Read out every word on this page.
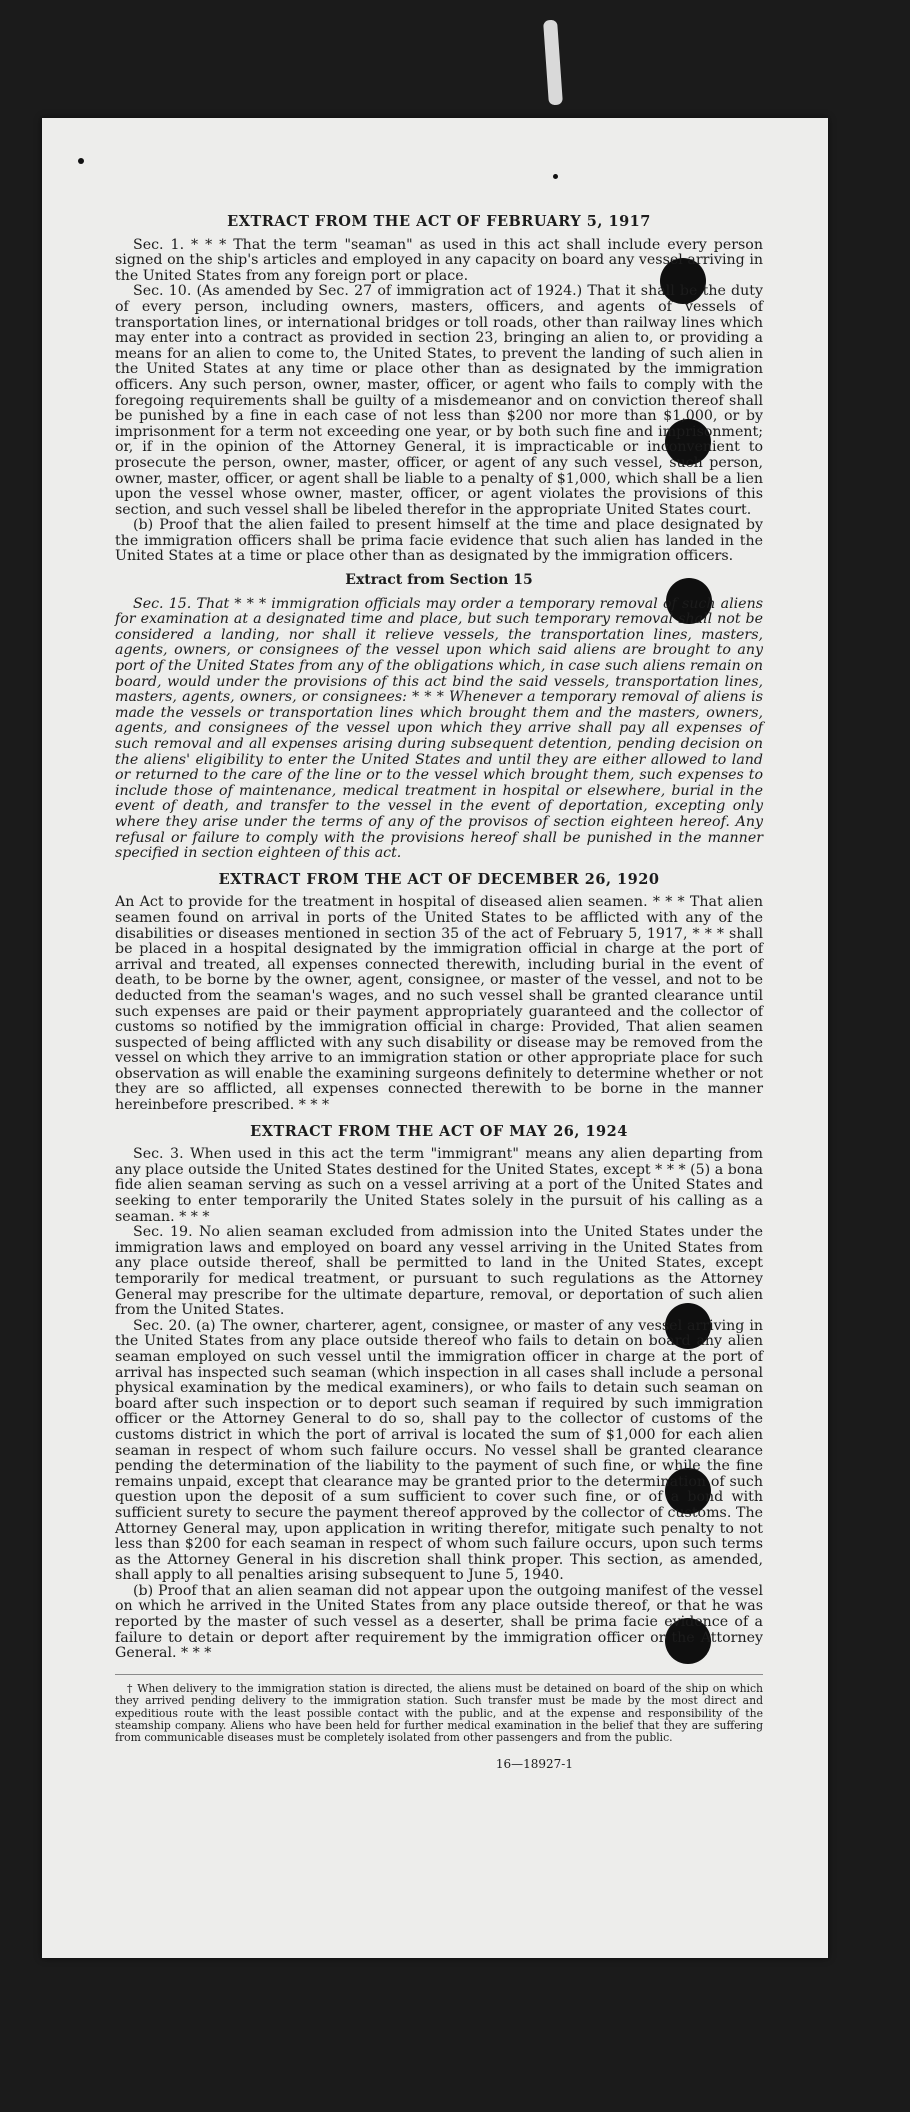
EXTRACT FROM THE ACT OF FEBRUARY 5, 1917

Sec. 1. * * * That the term "seaman" as used in this act shall include every person signed on the ship's articles and employed in any capacity on board any vessel arriving in the United States from any foreign port or place.

Sec. 10. (As amended by Sec. 27 of immigration act of 1924.) That it shall be the duty of every person, including owners, masters, officers, and agents of vessels of transportation lines, or international bridges or toll roads, other than railway lines which may enter into a contract as provided in section 23, bringing an alien to, or providing a means for an alien to come to, the United States, to prevent the landing of such alien in the United States at any time or place other than as designated by the immigration officers. Any such person, owner, master, officer, or agent who fails to comply with the foregoing requirements shall be guilty of a misdemeanor and on conviction thereof shall be punished by a fine in each case of not less than $200 nor more than $1,000, or by imprisonment for a term not exceeding one year, or by both such fine and imprisonment; or, if in the opinion of the Attorney General, it is impracticable or inconvenient to prosecute the person, owner, master, officer, or agent of any such vessel, such person, owner, master, officer, or agent shall be liable to a penalty of $1,000, which shall be a lien upon the vessel whose owner, master, officer, or agent violates the provisions of this section, and such vessel shall be libeled therefor in the appropriate United States court.

(b) Proof that the alien failed to present himself at the time and place designated by the immigration officers shall be prima facie evidence that such alien has landed in the United States at a time or place other than as designated by the immigration officers.

Extract from Section 15

Sec. 15. That * * * immigration officials may order a temporary removal of such aliens for examination at a designated time and place, but such temporary removal shall not be considered a landing, nor shall it relieve vessels, the transportation lines, masters, agents, owners, or consignees of the vessel upon which said aliens are brought to any port of the United States from any of the obligations which, in case such aliens remain on board, would under the provisions of this act bind the said vessels, transportation lines, masters, agents, owners, or consignees: * * * Whenever a temporary removal of aliens is made the vessels or transportation lines which brought them and the masters, owners, agents, and consignees of the vessel upon which they arrive shall pay all expenses of such removal and all expenses arising during subsequent detention, pending decision on the aliens' eligibility to enter the United States and until they are either allowed to land or returned to the care of the line or to the vessel which brought them, such expenses to include those of maintenance, medical treatment in hospital or elsewhere, burial in the event of death, and transfer to the vessel in the event of deportation, excepting only where they arise under the terms of any of the provisos of section eighteen hereof. Any refusal or failure to comply with the provisions hereof shall be punished in the manner specified in section eighteen of this act.

EXTRACT FROM THE ACT OF DECEMBER 26, 1920

An Act to provide for the treatment in hospital of diseased alien seamen. * * * That alien seamen found on arrival in ports of the United States to be afflicted with any of the disabilities or diseases mentioned in section 35 of the act of February 5, 1917, * * * shall be placed in a hospital designated by the immigration official in charge at the port of arrival and treated, all expenses connected therewith, including burial in the event of death, to be borne by the owner, agent, consignee, or master of the vessel, and not to be deducted from the seaman's wages, and no such vessel shall be granted clearance until such expenses are paid or their payment appropriately guaranteed and the collector of customs so notified by the immigration official in charge: Provided, That alien seamen suspected of being afflicted with any such disability or disease may be removed from the vessel on which they arrive to an immigration station or other appropriate place for such observation as will enable the examining surgeons definitely to determine whether or not they are so afflicted, all expenses connected therewith to be borne in the manner hereinbefore prescribed. * * *

EXTRACT FROM THE ACT OF MAY 26, 1924

Sec. 3. When used in this act the term "immigrant" means any alien departing from any place outside the United States destined for the United States, except * * * (5) a bona fide alien seaman serving as such on a vessel arriving at a port of the United States and seeking to enter temporarily the United States solely in the pursuit of his calling as a seaman. * * *

Sec. 19. No alien seaman excluded from admission into the United States under the immigration laws and employed on board any vessel arriving in the United States from any place outside thereof, shall be permitted to land in the United States, except temporarily for medical treatment, or pursuant to such regulations as the Attorney General may prescribe for the ultimate departure, removal, or deportation of such alien from the United States.

Sec. 20. (a) The owner, charterer, agent, consignee, or master of any vessel arriving in the United States from any place outside thereof who fails to detain on board any alien seaman employed on such vessel until the immigration officer in charge at the port of arrival has inspected such seaman (which inspection in all cases shall include a personal physical examination by the medical examiners), or who fails to detain such seaman on board after such inspection or to deport such seaman if required by such immigration officer or the Attorney General to do so, shall pay to the collector of customs of the customs district in which the port of arrival is located the sum of $1,000 for each alien seaman in respect of whom such failure occurs. No vessel shall be granted clearance pending the determination of the liability to the payment of such fine, or while the fine remains unpaid, except that clearance may be granted prior to the determination of such question upon the deposit of a sum sufficient to cover such fine, or of a bond with sufficient surety to secure the payment thereof approved by the collector of customs. The Attorney General may, upon application in writing therefor, mitigate such penalty to not less than $200 for each seaman in respect of whom such failure occurs, upon such terms as the Attorney General in his discretion shall think proper. This section, as amended, shall apply to all penalties arising subsequent to June 5, 1940.

(b) Proof that an alien seaman did not appear upon the outgoing manifest of the vessel on which he arrived in the United States from any place outside thereof, or that he was reported by the master of such vessel as a deserter, shall be prima facie evidence of a failure to detain or deport after requirement by the immigration officer or the Attorney General. * * *

† When delivery to the immigration station is directed, the aliens must be detained on board of the ship on which they arrived pending delivery to the immigration station. Such transfer must be made by the most direct and expeditious route with the least possible contact with the public, and at the expense and responsibility of the steamship company. Aliens who have been held for further medical examination in the belief that they are suffering from communicable diseases must be completely isolated from other passengers and from the public.

16—18927-1
